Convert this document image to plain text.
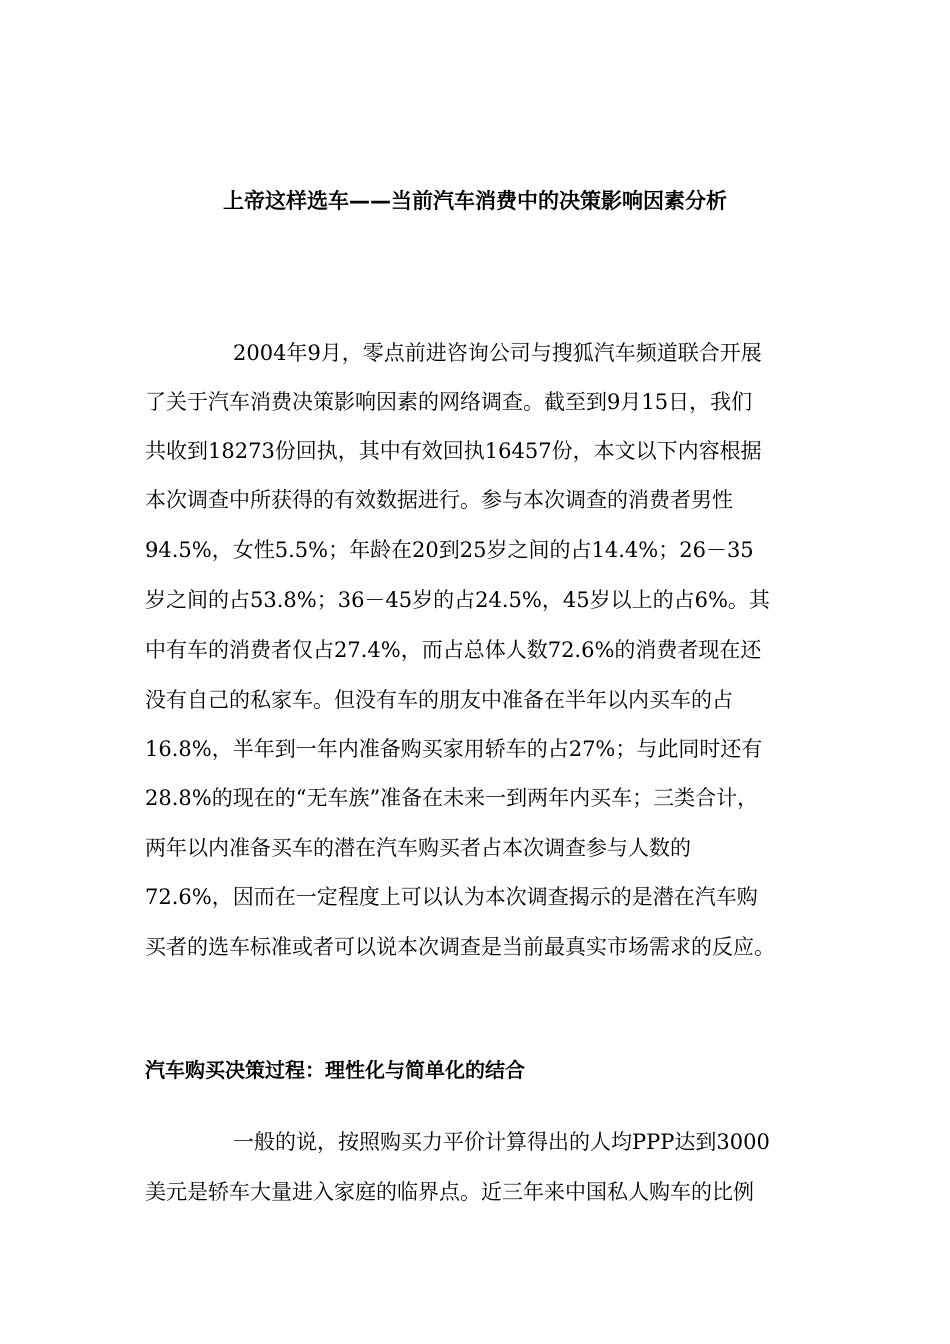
上帝这样选车——当前汽车消费中的决策影响因素分析
2004年9月，零点前进咨询公司与搜狐汽车频道联合开展
了关于汽车消费决策影响因素的网络调查。截至到9月15日，我们
共收到18273份回执，其中有效回执16457份，本文以下内容根据
本次调查中所获得的有效数据进行。参与本次调查的消费者男性
94.5%，女性5.5%；年龄在20到25岁之间的占14.4%；26－35
岁之间的占53.8%；36－45岁的占24.5%，45岁以上的占6%。其
中有车的消费者仅占27.4%，而占总体人数72.6%的消费者现在还
没有自己的私家车。但没有车的朋友中准备在半年以内买车的占
16.8%，半年到一年内准备购买家用轿车的占27%；与此同时还有
28.8%的现在的“无车族”准备在未来一到两年内买车；三类合计，
两年以内准备买车的潜在汽车购买者占本次调查参与人数的
72.6%，因而在一定程度上可以认为本次调查揭示的是潜在汽车购
买者的选车标准或者可以说本次调查是当前最真实市场需求的反应。
汽车购买决策过程：理性化与简单化的结合
一般的说，按照购买力平价计算得出的人均PPP达到3000
美元是轿车大量进入家庭的临界点。近三年来中国私人购车的比例
